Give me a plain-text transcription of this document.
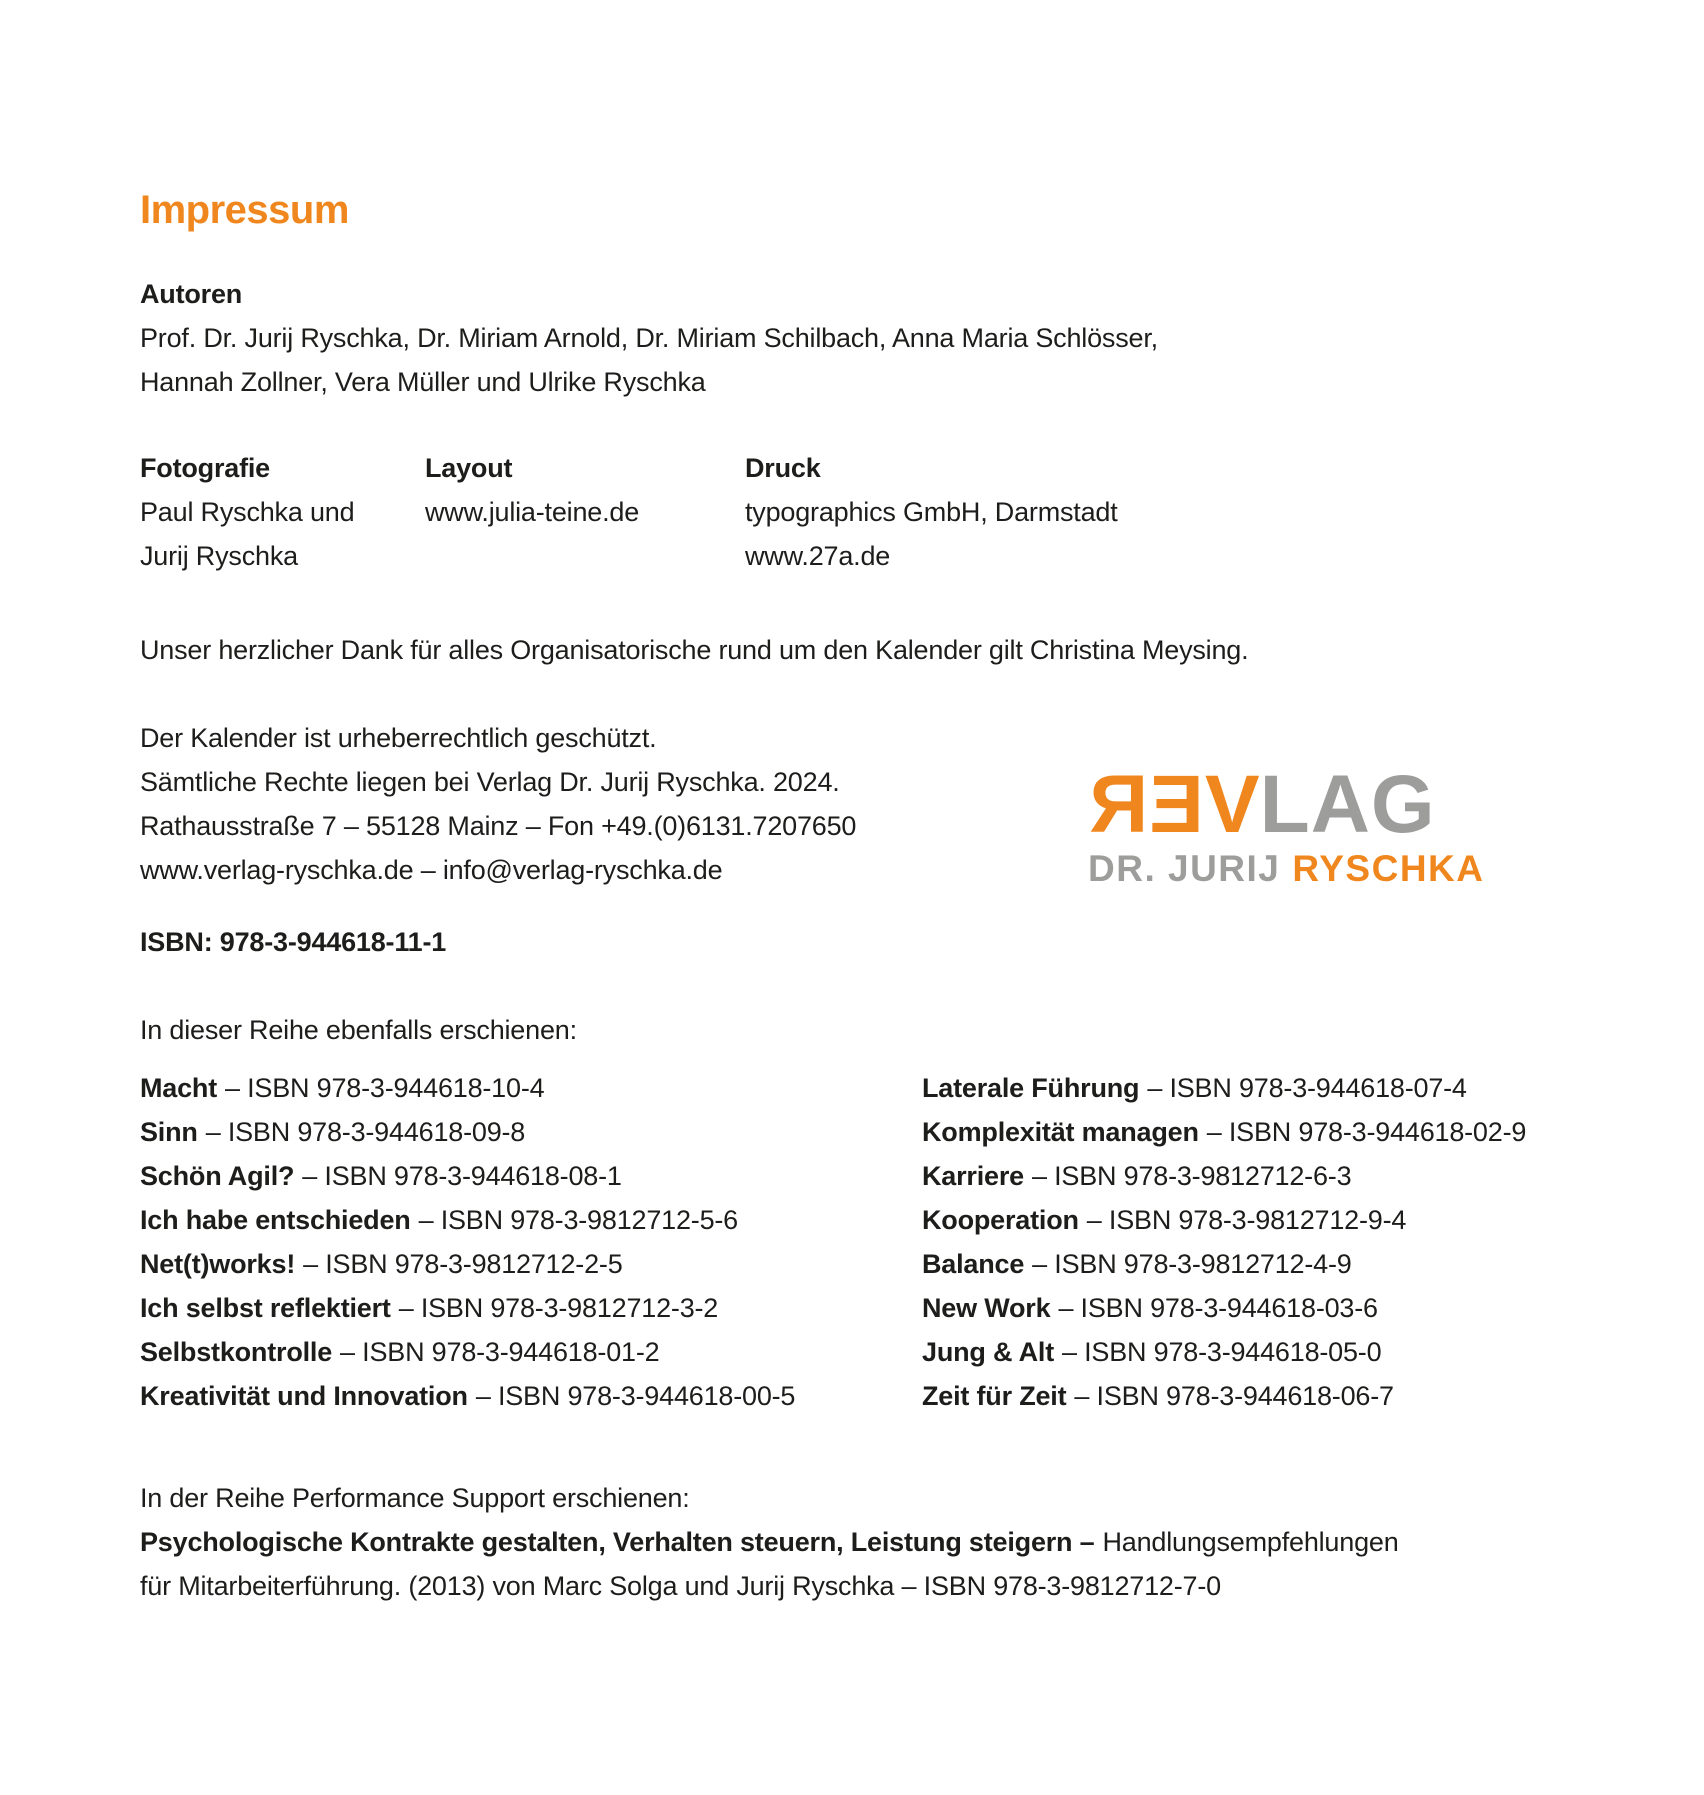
Impressum
Autoren
Prof. Dr. Jurij Ryschka, Dr. Miriam Arnold, Dr. Miriam Schilbach, Anna Maria Schlösser,
Hannah Zollner, Vera Müller und Ulrike Ryschka
Fotografie
Paul Ryschka und
Jurij Ryschka
Layout
www.julia-teine.de
Druck
typographics GmbH, Darmstadt
www.27a.de
Unser herzlicher Dank für alles Organisatorische rund um den Kalender gilt Christina Meysing.
Der Kalender ist urheberrechtlich geschützt.
Sämtliche Rechte liegen bei Verlag Dr. Jurij Ryschka. 2024.
Rathausstraße 7 – 55128 Mainz – Fon +49.(0)6131.7207650
www.verlag-ryschka.de – info@verlag-ryschka.de
VERLAG
DR. JURIJ RYSCHKA
ISBN: 978-3-944618-11-1
In dieser Reihe ebenfalls erschienen:
Macht – ISBN 978-3-944618-10-4
Sinn – ISBN 978-3-944618-09-8
Schön Agil? – ISBN 978-3-944618-08-1
Ich habe entschieden – ISBN 978-3-9812712-5-6
Net(t)works! – ISBN 978-3-9812712-2-5
Ich selbst reflektiert – ISBN 978-3-9812712-3-2
Selbstkontrolle – ISBN 978-3-944618-01-2
Kreativität und Innovation – ISBN 978-3-944618-00-5
Laterale Führung – ISBN 978-3-944618-07-4
Komplexität managen – ISBN 978-3-944618-02-9
Karriere – ISBN 978-3-9812712-6-3
Kooperation – ISBN 978-3-9812712-9-4
Balance – ISBN 978-3-9812712-4-9
New Work – ISBN 978-3-944618-03-6
Jung & Alt – ISBN 978-3-944618-05-0
Zeit für Zeit – ISBN 978-3-944618-06-7
In der Reihe Performance Support erschienen:
Psychologische Kontrakte gestalten, Verhalten steuern, Leistung steigern – Handlungsempfehlungen
für Mitarbeiterführung. (2013) von Marc Solga und Jurij Ryschka – ISBN 978-3-9812712-7-0
